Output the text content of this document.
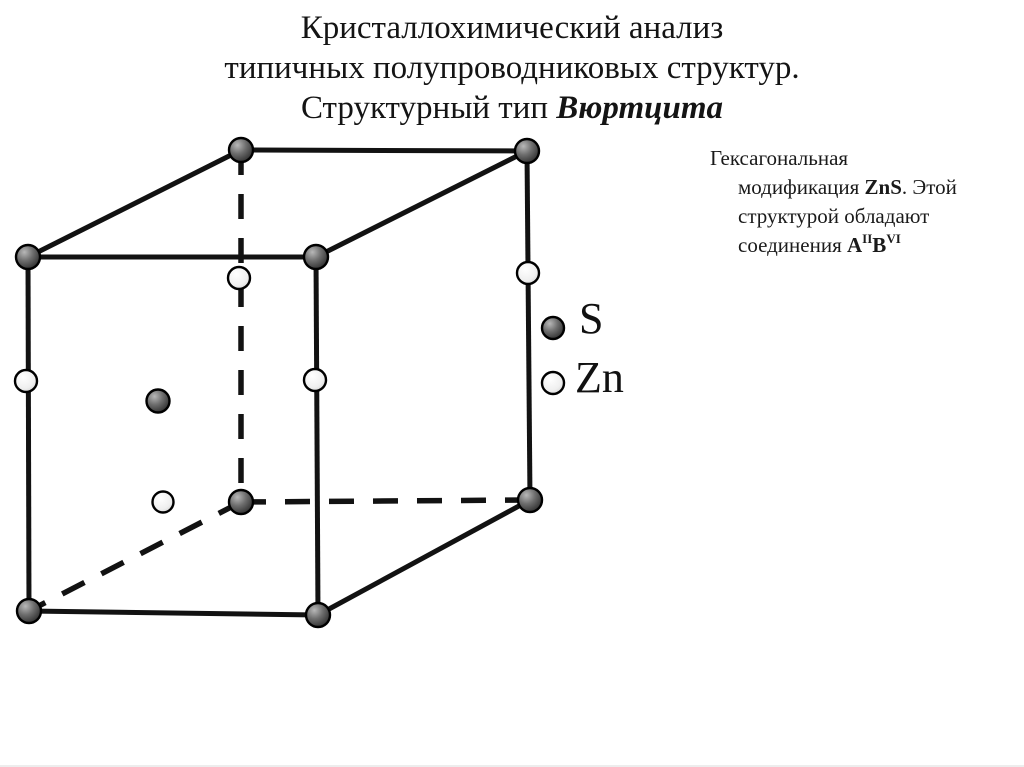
Кристаллохимический анализ
типичных полупроводниковых структур.
Структурный тип Вюртцита
Гексагональная
модификация ZnS. Этой
структурой обладают
соединения $A^{II}B^{VI}$
S
Zn
